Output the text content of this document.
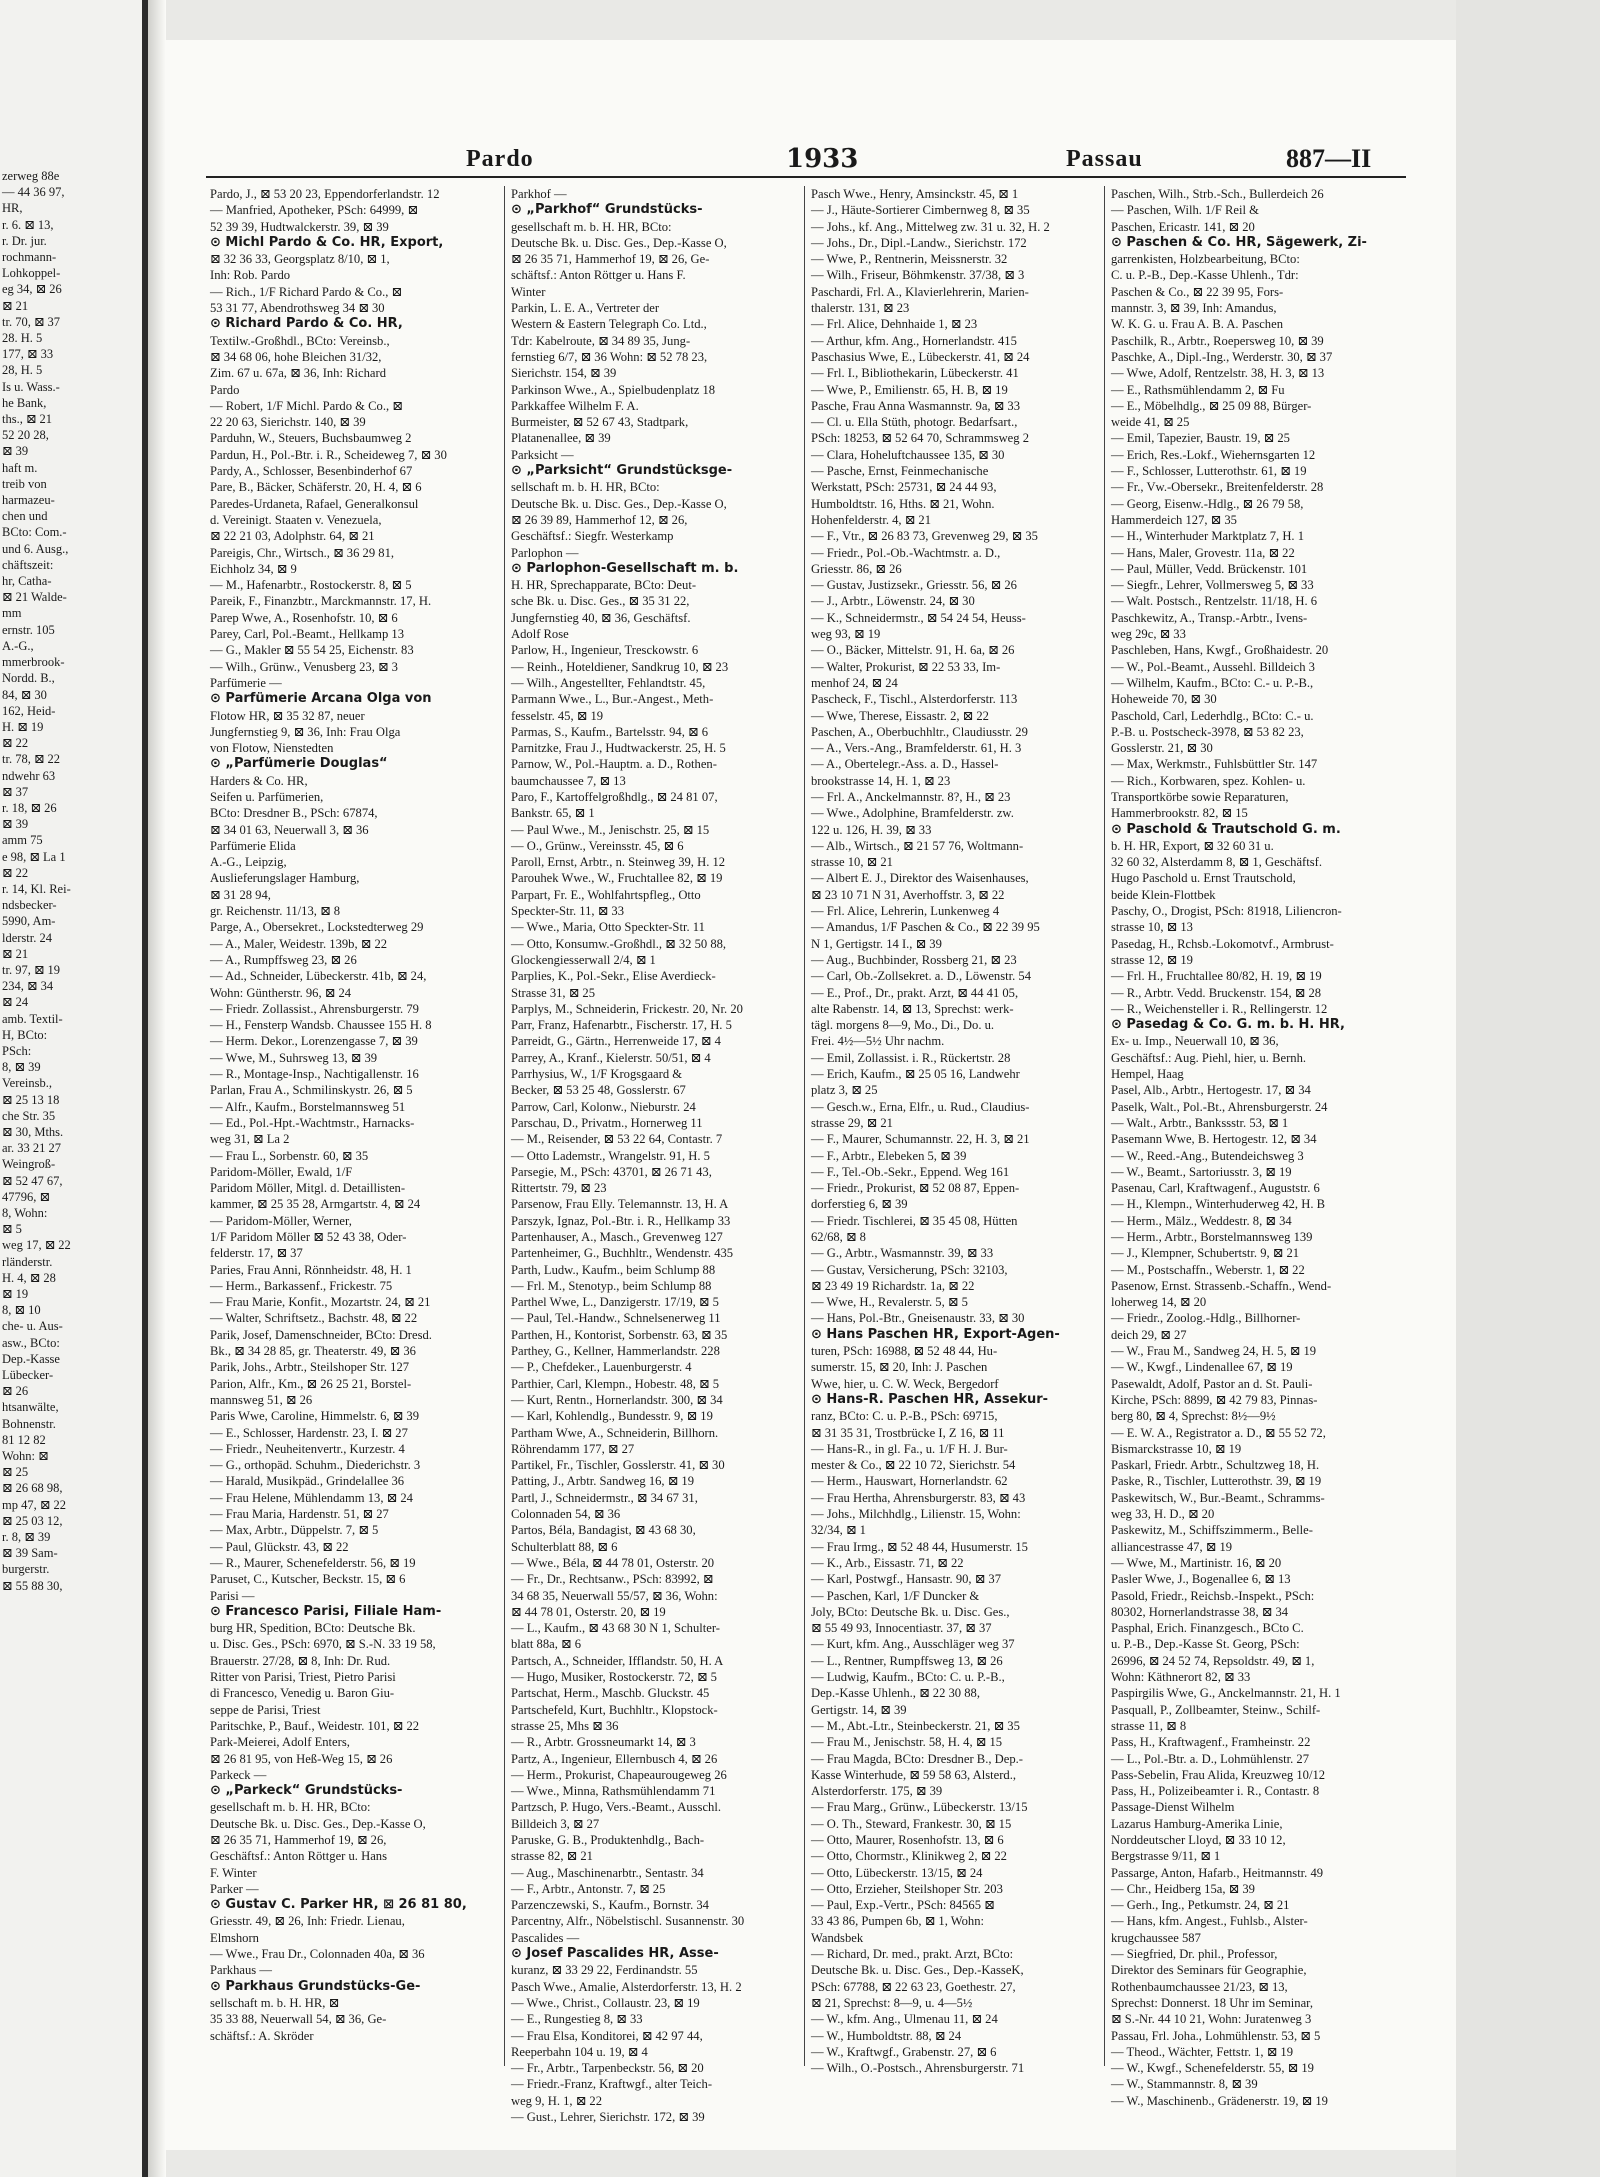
zerweg 88e
— 44 36 97,
HR,
r. 6. ⊠ 13,
r. Dr. jur.
rochmann-
Lohkoppel-
eg 34, ⊠ 26
⊠ 21
tr. 70, ⊠ 37
28. H. 5
177, ⊠ 33
28, H. 5
Is u. Wass.-
he Bank,
ths., ⊠ 21
52 20 28,
⊠ 39
haft m.
treib von
harmazeu-
chen und
BCto: Com.-
und 6. Ausg.,
chäftszeit:
hr, Catha-
⊠ 21 Walde-
mm
ernstr. 105
A.-G.,
mmerbrook-
Nordd. B.,
84, ⊠ 30
162, Heid-
H. ⊠ 19
⊠ 22
tr. 78, ⊠ 22
ndwehr 63
⊠ 37
r. 18, ⊠ 26
⊠ 39
amm 75
e 98, ⊠ La 1
⊠ 22
r. 14, Kl. Rei-
ndsbecker-
5990, Am-
lderstr. 24
⊠ 21
tr. 97, ⊠ 19
234, ⊠ 34
⊠ 24
amb. Textil-
H, BCto:
PSch:
8, ⊠ 39
Vereinsb.,
⊠ 25 13 18
che Str. 35
⊠ 30, Mths.
ar. 33 21 27
Weingroß-
⊠ 52 47 67,
47796, ⊠
8, Wohn:
⊠ 5
weg 17, ⊠ 22
rländerstr.
H. 4, ⊠ 28
⊠ 19
8, ⊠ 10
che- u. Aus-
asw., BCto:
Dep.-Kasse
Lübecker-
⊠ 26
htsanwälte,
Bohnenstr.
81 12 82
Wohn: ⊠
⊠ 25
⊠ 26 68 98,
mp 47, ⊠ 22
⊠ 25 03 12,
r. 8, ⊠ 39
⊠ 39 Sam-
burgerstr.
⊠ 55 88 30,
Pardo	1933	Passau	887—II
Pardo, J., ⊠ 53 20 23, Eppendorferlandstr. 12
— Manfried, Apotheker, PSch: 64999, ⊠
52 39 39, Hudtwalckerstr. 39, ⊠ 39
⊙ Michl Pardo & Co. HR, Export,
⊠ 32 36 33, Georgsplatz 8/10, ⊠ 1,
Inh: Rob. Pardo
— Rich., 1/F Richard Pardo & Co., ⊠
53 31 77, Abendrothsweg 34 ⊠ 30
⊙ Richard Pardo & Co. HR,
Textilw.-Großhdl., BCto: Vereinsb.,
⊠ 34 68 06, hohe Bleichen 31/32,
Zim. 67 u. 67a, ⊠ 36, Inh: Richard
Pardo
— Robert, 1/F Michl. Pardo & Co., ⊠
22 20 63, Sierichstr. 140, ⊠ 39
Parduhn, W., Steuers, Buchsbaumweg 2
Pardun, H., Pol.-Btr. i. R., Scheideweg 7, ⊠ 30
Pardy, A., Schlosser, Besenbinderhof 67
Pare, B., Bäcker, Schäferstr. 20, H. 4, ⊠ 6
Paredes-Urdaneta, Rafael, Generalkonsul
d. Vereinigt. Staaten v. Venezuela,
⊠ 22 21 03, Adolphstr. 64, ⊠ 21
Pareigis, Chr., Wirtsch., ⊠ 36 29 81,
Eichholz 34, ⊠ 9
— M., Hafenarbtr., Rostockerstr. 8, ⊠ 5
Pareik, F., Finanzbtr., Marckmannstr. 17, H.
Parep Wwe, A., Rosenhofstr. 10, ⊠ 6
Parey, Carl, Pol.-Beamt., Hellkamp 13
— G., Makler ⊠ 55 54 25, Eichenstr. 83
— Wilh., Grünw., Venusberg 23, ⊠ 3
Parfümerie —
⊙ Parfümerie Arcana Olga von
Flotow HR, ⊠ 35 32 87, neuer
Jungfernstieg 9, ⊠ 36, Inh: Frau Olga
von Flotow, Nienstedten
⊙ „Parfümerie Douglas“
Harders & Co. HR,
Seifen u. Parfümerien,
BCto: Dresdner B., PSch: 67874,
⊠ 34 01 63, Neuerwall 3, ⊠ 36
Parfümerie Elida
A.-G., Leipzig,
Auslieferungslager Hamburg,
⊠ 31 28 94,
gr. Reichenstr. 11/13, ⊠ 8
Parge, A., Obersekret., Lockstedterweg 29
— A., Maler, Weidestr. 139b, ⊠ 22
— A., Rumpffsweg 23, ⊠ 26
— Ad., Schneider, Lübeckerstr. 41b, ⊠ 24,
Wohn: Güntherstr. 96, ⊠ 24
— Friedr. Zollassist., Ahrensburgerstr. 79
— H., Fensterp Wandsb. Chaussee 155 H. 8
— Herm. Dekor., Lorenzengasse 7, ⊠ 39
— Wwe, M., Suhrsweg 13, ⊠ 39
— R., Montage-Insp., Nachtigallenstr. 16
Parlan, Frau A., Schmilinskystr. 26, ⊠ 5
— Alfr., Kaufm., Borstelmannsweg 51
— Ed., Pol.-Hpt.-Wachtmstr., Harnacks-
weg 31, ⊠ La 2
— Frau L., Sorbenstr. 60, ⊠ 35
Paridom-Möller, Ewald, 1/F
Paridom Möller, Mitgl. d. Detaillisten-
kammer, ⊠ 25 35 28, Armgartstr. 4, ⊠ 24
— Paridom-Möller, Werner,
1/F Paridom Möller ⊠ 52 43 38, Oder-
felderstr. 17, ⊠ 37
Paries, Frau Anni, Rönnheidstr. 48, H. 1
— Herm., Barkassenf., Frickestr. 75
— Frau Marie, Konfit., Mozartstr. 24, ⊠ 21
— Walter, Schriftsetz., Bachstr. 48, ⊠ 22
Parik, Josef, Damenschneider, BCto: Dresd.
Bk., ⊠ 34 28 85, gr. Theaterstr. 49, ⊠ 36
Parik, Johs., Arbtr., Steilshoper Str. 127
Parion, Alfr., Km., ⊠ 26 25 21, Borstel-
mannsweg 51, ⊠ 26
Paris Wwe, Caroline, Himmelstr. 6, ⊠ 39
— E., Schlosser, Hardenstr. 23, I. ⊠ 27
— Friedr., Neuheitenvertr., Kurzestr. 4
— G., orthopäd. Schuhm., Diederichstr. 3
— Harald, Musikpäd., Grindelallee 36
— Frau Helene, Mühlendamm 13, ⊠ 24
— Frau Maria, Hardenstr. 51, ⊠ 27
— Max, Arbtr., Düppelstr. 7, ⊠ 5
— Paul, Glückstr. 43, ⊠ 22
— R., Maurer, Schenefelderstr. 56, ⊠ 19
Paruset, C., Kutscher, Beckstr. 15, ⊠ 6
Parisi —
⊙ Francesco Parisi, Filiale Ham-
burg HR, Spedition, BCto: Deutsche Bk.
u. Disc. Ges., PSch: 6970, ⊠ S.-N. 33 19 58,
Brauerstr. 27/28, ⊠ 8, Inh: Dr. Rud.
Ritter von Parisi, Triest, Pietro Parisi
di Francesco, Venedig u. Baron Giu-
seppe de Parisi, Triest
Paritschke, P., Bauf., Weidestr. 101, ⊠ 22
Park-Meierei, Adolf Enters,
⊠ 26 81 95, von Heß-Weg 15, ⊠ 26
Parkeck —
⊙ „Parkeck“ Grundstücks-
gesellschaft m. b. H. HR, BCto:
Deutsche Bk. u. Disc. Ges., Dep.-Kasse O,
⊠ 26 35 71, Hammerhof 19, ⊠ 26,
Geschäftsf.: Anton Röttger u. Hans
F. Winter
Parker —
⊙ Gustav C. Parker HR, ⊠ 26 81 80,
Griesstr. 49, ⊠ 26, Inh: Friedr. Lienau,
Elmshorn
— Wwe., Frau Dr., Colonnaden 40a, ⊠ 36
Parkhaus —
⊙ Parkhaus Grundstücks-Ge-
sellschaft m. b. H. HR, ⊠
35 33 88, Neuerwall 54, ⊠ 36, Ge-
schäftsf.: A. Skröder
Parkhof —
⊙ „Parkhof“ Grundstücks-
gesellschaft m. b. H. HR, BCto:
Deutsche Bk. u. Disc. Ges., Dep.-Kasse O,
⊠ 26 35 71, Hammerhof 19, ⊠ 26, Ge-
schäftsf.: Anton Röttger u. Hans F.
Winter
Parkin, L. E. A., Vertreter der
Western & Eastern Telegraph Co. Ltd.,
Tdr: Kabelroute, ⊠ 34 89 35, Jung-
fernstieg 6/7, ⊠ 36 Wohn: ⊠ 52 78 23,
Sierichstr. 154, ⊠ 39
Parkinson Wwe., A., Spielbudenplatz 18
Parkkaffee Wilhelm F. A.
Burmeister, ⊠ 52 67 43, Stadtpark,
Platanenallee, ⊠ 39
Parksicht —
⊙ „Parksicht“ Grundstücksge-
sellschaft m. b. H. HR, BCto:
Deutsche Bk. u. Disc. Ges., Dep.-Kasse O,
⊠ 26 39 89, Hammerhof 12, ⊠ 26,
Geschäftsf.: Siegfr. Westerkamp
Parlophon —
⊙ Parlophon-Gesellschaft m. b.
H. HR, Sprechapparate, BCto: Deut-
sche Bk. u. Disc. Ges., ⊠ 35 31 22,
Jungfernstieg 40, ⊠ 36, Geschäftsf.
Adolf Rose
Parlow, H., Ingenieur, Tresckowstr. 6
— Reinh., Hoteldiener, Sandkrug 10, ⊠ 23
— Wilh., Angestellter, Fehlandtstr. 45,
Parmann Wwe., L., Bur.-Angest., Meth-
fesselstr. 45, ⊠ 19
Parmas, S., Kaufm., Bartelsstr. 94, ⊠ 6
Parnitzke, Frau J., Hudtwackerstr. 25, H. 5
Parnow, W., Pol.-Hauptm. a. D., Rothen-
baumchaussee 7, ⊠ 13
Paro, F., Kartoffelgroßhdlg., ⊠ 24 81 07,
Bankstr. 65, ⊠ 1
— Paul Wwe., M., Jenischstr. 25, ⊠ 15
— O., Grünw., Vereinsstr. 45, ⊠ 6
Paroll, Ernst, Arbtr., n. Steinweg 39, H. 12
Parouhek Wwe., W., Fruchtallee 82, ⊠ 19
Parpart, Fr. E., Wohlfahrtspfleg., Otto
Speckter-Str. 11, ⊠ 33
— Wwe., Maria, Otto Speckter-Str. 11
— Otto, Konsumw.-Großhdl., ⊠ 32 50 88,
Glockengiesserwall 2/4, ⊠ 1
Parplies, K., Pol.-Sekr., Elise Averdieck-
Strasse 31, ⊠ 25
Parplys, M., Schneiderin, Frickestr. 20, Nr. 20
Parr, Franz, Hafenarbtr., Fischerstr. 17, H. 5
Parreidt, G., Gärtn., Herrenweide 17, ⊠ 4
Parrey, A., Kranf., Kielerstr. 50/51, ⊠ 4
Parrhysius, W., 1/F Krogsgaard &
Becker, ⊠ 53 25 48, Gosslerstr. 67
Parrow, Carl, Kolonw., Nieburstr. 24
Parschau, D., Privatm., Hornerweg 11
— M., Reisender, ⊠ 53 22 64, Contastr. 7
— Otto Lademstr., Wrangelstr. 91, H. 5
Parsegie, M., PSch: 43701, ⊠ 26 71 43,
Rittertstr. 79, ⊠ 23
Parsenow, Frau Elly. Telemannstr. 13, H. A
Parszyk, Ignaz, Pol.-Btr. i. R., Hellkamp 33
Partenhauser, A., Masch., Grevenweg 127
Partenheimer, G., Buchhltr., Wendenstr. 435
Parth, Ludw., Kaufm., beim Schlump 88
— Frl. M., Stenotyp., beim Schlump 88
Parthel Wwe, L., Danzigerstr. 17/19, ⊠ 5
— Paul, Tel.-Handw., Schnelsenerweg 11
Parthen, H., Kontorist, Sorbenstr. 63, ⊠ 35
Parthey, G., Kellner, Hammerlandstr. 228
— P., Chefdeker., Lauenburgerstr. 4
Parthier, Carl, Klempn., Hobestr. 48, ⊠ 5
— Kurt, Rentn., Hornerlandstr. 300, ⊠ 34
— Karl, Kohlendlg., Bundesstr. 9, ⊠ 19
Partham Wwe, A., Schneiderin, Billhorn.
Röhrendamm 177, ⊠ 27
Partikel, Fr., Tischler, Gosslerstr. 41, ⊠ 30
Patting, J., Arbtr. Sandweg 16, ⊠ 19
Partl, J., Schneidermstr., ⊠ 34 67 31,
Colonnaden 54, ⊠ 36
Partos, Béla, Bandagist, ⊠ 43 68 30,
Schulterblatt 88, ⊠ 6
— Wwe., Béla, ⊠ 44 78 01, Osterstr. 20
— Fr., Dr., Rechtsanw., PSch: 83992, ⊠
34 68 35, Neuerwall 55/57, ⊠ 36, Wohn:
⊠ 44 78 01, Osterstr. 20, ⊠ 19
— L., Kaufm., ⊠ 43 68 30 N 1, Schulter-
blatt 88a, ⊠ 6
Partsch, A., Schneider, Ifflandstr. 50, H. A
— Hugo, Musiker, Rostockerstr. 72, ⊠ 5
Partschat, Herm., Maschb. Gluckstr. 45
Partschefeld, Kurt, Buchhltr., Klopstock-
strasse 25, Mhs ⊠ 36
— R., Arbtr. Grossneumarkt 14, ⊠ 3
Partz, A., Ingenieur, Ellernbusch 4, ⊠ 26
— Herm., Prokurist, Chapeaurougeweg 26
— Wwe., Minna, Rathsmühlendamm 71
Partzsch, P. Hugo, Vers.-Beamt., Ausschl.
Billdeich 3, ⊠ 27
Paruske, G. B., Produktenhdlg., Bach-
strasse 82, ⊠ 21
— Aug., Maschinenarbtr., Sentastr. 34
— F., Arbtr., Antonstr. 7, ⊠ 25
Parzenczewski, S., Kaufm., Bornstr. 34
Parcentny, Alfr., Nöbelstischl. Susannenstr. 30
Pascalides —
⊙ Josef Pascalides HR, Asse-
kuranz, ⊠ 33 29 22, Ferdinandstr. 55
Pasch Wwe., Amalie, Alsterdorferstr. 13, H. 2
— Wwe., Christ., Collaustr. 23, ⊠ 19
— E., Rungestieg 8, ⊠ 33
— Frau Elsa, Konditorei, ⊠ 42 97 44,
Reeperbahn 104 u. 19, ⊠ 4
— Fr., Arbtr., Tarpenbeckstr. 56, ⊠ 20
— Friedr.-Franz, Kraftwgf., alter Teich-
weg 9, H. 1, ⊠ 22
— Gust., Lehrer, Sierichstr. 172, ⊠ 39
Pasch Wwe., Henry, Amsinckstr. 45, ⊠ 1
— J., Häute-Sortierer Cimbernweg 8, ⊠ 35
— Johs., kf. Ang., Mittelweg zw. 31 u. 32, H. 2
— Johs., Dr., Dipl.-Landw., Sierichstr. 172
— Wwe, P., Rentnerin, Meissnerstr. 32
— Wilh., Friseur, Böhmkenstr. 37/38, ⊠ 3
Paschardi, Frl. A., Klavierlehrerin, Marien-
thalerstr. 131, ⊠ 23
— Frl. Alice, Dehnhaide 1, ⊠ 23
— Arthur, kfm. Ang., Hornerlandstr. 415
Paschasius Wwe, E., Lübeckerstr. 41, ⊠ 24
— Frl. I., Bibliothekarin, Lübeckerstr. 41
— Wwe, P., Emilienstr. 65, H. B, ⊠ 19
Pasche, Frau Anna Wasmannstr. 9a, ⊠ 33
— Cl. u. Ella Stüth, photogr. Bedarfsart.,
PSch: 18253, ⊠ 52 64 70, Schrammsweg 2
— Clara, Hoheluftchaussee 135, ⊠ 30
— Pasche, Ernst, Feinmechanische
Werkstatt, PSch: 25731, ⊠ 24 44 93,
Humboldtstr. 16, Hths. ⊠ 21, Wohn.
Hohenfelderstr. 4, ⊠ 21
— F., Vtr., ⊠ 26 83 73, Grevenweg 29, ⊠ 35
— Friedr., Pol.-Ob.-Wachtmstr. a. D.,
Griesstr. 86, ⊠ 26
— Gustav, Justizsekr., Griesstr. 56, ⊠ 26
— J., Arbtr., Löwenstr. 24, ⊠ 30
— K., Schneidermstr., ⊠ 54 24 54, Heuss-
weg 93, ⊠ 19
— O., Bäcker, Mittelstr. 91, H. 6a, ⊠ 26
— Walter, Prokurist, ⊠ 22 53 33, Im-
menhof 24, ⊠ 24
Pascheck, F., Tischl., Alsterdorferstr. 113
— Wwe, Therese, Eissastr. 2, ⊠ 22
Paschen, A., Oberbuchhltr., Claudiusstr. 29
— A., Vers.-Ang., Bramfelderstr. 61, H. 3
— A., Obertelegr.-Ass. a. D., Hassel-
brookstrasse 14, H. 1, ⊠ 23
— Frl. A., Anckelmannstr. 8?, H., ⊠ 23
— Wwe., Adolphine, Bramfelderstr. zw.
122 u. 126, H. 39, ⊠ 33
— Alb., Wirtsch., ⊠ 21 57 76, Woltmann-
strasse 10, ⊠ 21
— Albert E. J., Direktor des Waisenhauses,
⊠ 23 10 71 N 31, Averhoffstr. 3, ⊠ 22
— Frl. Alice, Lehrerin, Lunkenweg 4
— Amandus, 1/F Paschen & Co., ⊠ 22 39 95
N 1, Gertigstr. 14 I., ⊠ 39
— Aug., Buchbinder, Rossberg 21, ⊠ 23
— Carl, Ob.-Zollsekret. a. D., Löwenstr. 54
— E., Prof., Dr., prakt. Arzt, ⊠ 44 41 05,
alte Rabenstr. 14, ⊠ 13, Sprechst: werk-
tägl. morgens 8—9, Mo., Di., Do. u.
Frei. 4½—5½ Uhr nachm.
— Emil, Zollassist. i. R., Rückertstr. 28
— Erich, Kaufm., ⊠ 25 05 16, Landwehr
platz 3, ⊠ 25
— Gesch.w., Erna, Elfr., u. Rud., Claudius-
strasse 29, ⊠ 21
— F., Maurer, Schumannstr. 22, H. 3, ⊠ 21
— F., Arbtr., Elebeken 5, ⊠ 39
— F., Tel.-Ob.-Sekr., Eppend. Weg 161
— Friedr., Prokurist, ⊠ 52 08 87, Eppen-
dorferstieg 6, ⊠ 39
— Friedr. Tischlerei, ⊠ 35 45 08, Hütten
62/68, ⊠ 8
— G., Arbtr., Wasmannstr. 39, ⊠ 33
— Gustav, Versicherung, PSch: 32103,
⊠ 23 49 19 Richardstr. 1a, ⊠ 22
— Wwe, H., Revalerstr. 5, ⊠ 5
— Hans, Pol.-Btr., Gneisenaustr. 33, ⊠ 30
⊙ Hans Paschen HR, Export-Agen-
turen, PSch: 16988, ⊠ 52 48 44, Hu-
sumerstr. 15, ⊠ 20, Inh: J. Paschen
Wwe, hier, u. C. W. Weck, Bergedorf
⊙ Hans-R. Paschen HR, Assekur-
ranz, BCto: C. u. P.-B., PSch: 69715,
⊠ 31 35 31, Trostbrücke I, Z 16, ⊠ 11
— Hans-R., in gl. Fa., u. 1/F H. J. Bur-
mester & Co., ⊠ 22 10 72, Sierichstr. 54
— Herm., Hauswart, Hornerlandstr. 62
— Frau Hertha, Ahrensburgerstr. 83, ⊠ 43
— Johs., Milchhdlg., Lilienstr. 15, Wohn:
32/34, ⊠ 1
— Frau Irmg., ⊠ 52 48 44, Husumerstr. 15
— K., Arb., Eissastr. 71, ⊠ 22
— Karl, Postwgf., Hansastr. 90, ⊠ 37
— Paschen, Karl, 1/F Duncker &
Joly, BCto: Deutsche Bk. u. Disc. Ges.,
⊠ 55 49 93, Innocentiastr. 37, ⊠ 37
— Kurt, kfm. Ang., Ausschläger weg 37
— L., Rentner, Rumpffsweg 13, ⊠ 26
— Ludwig, Kaufm., BCto: C. u. P.-B.,
Dep.-Kasse Uhlenh., ⊠ 22 30 88,
Gertigstr. 14, ⊠ 39
— M., Abt.-Ltr., Steinbeckerstr. 21, ⊠ 35
— Frau M., Jenischstr. 58, H. 4, ⊠ 15
— Frau Magda, BCto: Dresdner B., Dep.-
Kasse Winterhude, ⊠ 59 58 63, Alsterd.,
Alsterdorferstr. 175, ⊠ 39
— Frau Marg., Grünw., Lübeckerstr. 13/15
— O. Th., Steward, Frankestr. 30, ⊠ 15
— Otto, Maurer, Rosenhofstr. 13, ⊠ 6
— Otto, Chormstr., Klinikweg 2, ⊠ 22
— Otto, Lübeckerstr. 13/15, ⊠ 24
— Otto, Erzieher, Steilshoper Str. 203
— Paul, Exp.-Vertr., PSch: 84565 ⊠
33 43 86, Pumpen 6b, ⊠ 1, Wohn:
Wandsbek
— Richard, Dr. med., prakt. Arzt, BCto:
Deutsche Bk. u. Disc. Ges., Dep.-KasseK,
PSch: 67788, ⊠ 22 63 23, Goethestr. 27,
⊠ 21, Sprechst: 8—9, u. 4—5½
— W., kfm. Ang., Ulmenau 11, ⊠ 24
— W., Humboldtstr. 88, ⊠ 24
— W., Kraftwgf., Grabenstr. 27, ⊠ 6
— Wilh., O.-Postsch., Ahrensburgerstr. 71
Paschen, Wilh., Strb.-Sch., Bullerdeich 26
— Paschen, Wilh. 1/F Reil &
Paschen, Ericastr. 141, ⊠ 20
⊙ Paschen & Co. HR, Sägewerk, Zi-
garrenkisten, Holzbearbeitung, BCto:
C. u. P.-B., Dep.-Kasse Uhlenh., Tdr:
Paschen & Co., ⊠ 22 39 95, Fors-
mannstr. 3, ⊠ 39, Inh: Amandus,
W. K. G. u. Frau A. B. A. Paschen
Paschilk, R., Arbtr., Roepersweg 10, ⊠ 39
Paschke, A., Dipl.-Ing., Werderstr. 30, ⊠ 37
— Wwe, Adolf, Rentzelstr. 38, H. 3, ⊠ 13
— E., Rathsmühlendamm 2, ⊠ Fu
— E., Möbelhdlg., ⊠ 25 09 88, Bürger-
weide 41, ⊠ 25
— Emil, Tapezier, Baustr. 19, ⊠ 25
— Erich, Res.-Lokf., Wiehernsgarten 12
— F., Schlosser, Lutterothstr. 61, ⊠ 19
— Fr., Vw.-Obersekr., Breitenfelderstr. 28
— Georg, Eisenw.-Hdlg., ⊠ 26 79 58,
Hammerdeich 127, ⊠ 35
— H., Winterhuder Marktplatz 7, H. 1
— Hans, Maler, Grovestr. 11a, ⊠ 22
— Paul, Müller, Vedd. Brückenstr. 101
— Siegfr., Lehrer, Vollmersweg 5, ⊠ 33
— Walt. Postsch., Rentzelstr. 11/18, H. 6
Paschkewitz, A., Transp.-Arbtr., Ivens-
weg 29c, ⊠ 33
Paschleben, Hans, Kwgf., Großhaidestr. 20
— W., Pol.-Beamt., Aussehl. Billdeich 3
— Wilhelm, Kaufm., BCto: C.- u. P.-B.,
Hoheweide 70, ⊠ 30
Paschold, Carl, Lederhdlg., BCto: C.- u.
P.-B. u. Postscheck-3978, ⊠ 53 82 23,
Gosslerstr. 21, ⊠ 30
— Max, Werkmstr., Fuhlsbüttler Str. 147
— Rich., Korbwaren, spez. Kohlen- u.
Transportkörbe sowie Reparaturen,
Hammerbrookstr. 82, ⊠ 15
⊙ Paschold & Trautschold G. m.
b. H. HR, Export, ⊠ 32 60 31 u.
32 60 32, Alsterdamm 8, ⊠ 1, Geschäftsf.
Hugo Paschold u. Ernst Trautschold,
beide Klein-Flottbek
Paschy, O., Drogist, PSch: 81918, Liliencron-
strasse 10, ⊠ 13
Pasedag, H., Rchsb.-Lokomotvf., Armbrust-
strasse 12, ⊠ 19
— Frl. H., Fruchtallee 80/82, H. 19, ⊠ 19
— R., Arbtr. Vedd. Bruckenstr. 154, ⊠ 28
— R., Weichensteller i. R., Rellingerstr. 12
⊙ Pasedag & Co. G. m. b. H. HR,
Ex- u. Imp., Neuerwall 10, ⊠ 36,
Geschäftsf.: Aug. Piehl, hier, u. Bernh.
Hempel, Haag
Pasel, Alb., Arbtr., Hertogestr. 17, ⊠ 34
Paselk, Walt., Pol.-Bt., Ahrensburgerstr. 24
— Walt., Arbtr., Bankssstr. 53, ⊠ 1
Pasemann Wwe, B. Hertogestr. 12, ⊠ 34
— W., Reed.-Ang., Butendeichsweg 3
— W., Beamt., Sartoriusstr. 3, ⊠ 19
Pasenau, Carl, Kraftwagenf., Auguststr. 6
— H., Klempn., Winterhuderweg 42, H. B
— Herm., Mälz., Weddestr. 8, ⊠ 34
— Herm., Arbtr., Borstelmannsweg 139
— J., Klempner, Schubertstr. 9, ⊠ 21
— M., Postschaffn., Weberstr. 1, ⊠ 22
Pasenow, Ernst. Strassenb.-Schaffn., Wend-
loherweg 14, ⊠ 20
— Friedr., Zoolog.-Hdlg., Billhorner-
deich 29, ⊠ 27
— W., Frau M., Sandweg 24, H. 5, ⊠ 19
— W., Kwgf., Lindenallee 67, ⊠ 19
Pasewaldt, Adolf, Pastor an d. St. Pauli-
Kirche, PSch: 8899, ⊠ 42 79 83, Pinnas-
berg 80, ⊠ 4, Sprechst: 8½—9½
— E. W. A., Registrator a. D., ⊠ 55 52 72,
Bismarckstrasse 10, ⊠ 19
Paskarl, Friedr. Arbtr., Schultzweg 18, H.
Paske, R., Tischler, Lutterothstr. 39, ⊠ 19
Paskewitsch, W., Bur.-Beamt., Schramms-
weg 33, H. D., ⊠ 20
Paskewitz, M., Schiffszimmerm., Belle-
alliancestrasse 47, ⊠ 19
— Wwe, M., Martinistr. 16, ⊠ 20
Pasler Wwe, J., Bogenallee 6, ⊠ 13
Pasold, Friedr., Reichsb.-Inspekt., PSch:
80302, Hornerlandstrasse 38, ⊠ 34
Pasphal, Erich. Finanzgesch., BCto C.
u. P.-B., Dep.-Kasse St. Georg, PSch:
26996, ⊠ 24 52 74, Repsoldstr. 49, ⊠ 1,
Wohn: Käthnerort 82, ⊠ 33
Paspirgilis Wwe, G., Anckelmannstr. 21, H. 1
Pasquall, P., Zollbeamter, Steinw., Schilf-
strasse 11, ⊠ 8
Pass, H., Kraftwagenf., Framheinstr. 22
— L., Pol.-Btr. a. D., Lohmühlenstr. 27
Pass-Sebelin, Frau Alida, Kreuzweg 10/12
Pass, H., Polizeibeamter i. R., Contastr. 8
Passage-Dienst Wilhelm
Lazarus Hamburg-Amerika Linie,
Norddeutscher Lloyd, ⊠ 33 10 12,
Bergstrasse 9/11, ⊠ 1
Passarge, Anton, Hafarb., Heitmannstr. 49
— Chr., Heidberg 15a, ⊠ 39
— Gerh., Ing., Petkumstr. 24, ⊠ 21
— Hans, kfm. Angest., Fuhlsb., Alster-
krugchaussee 587
— Siegfried, Dr. phil., Professor,
Direktor des Seminars für Geographie,
Rothenbaumchaussee 21/23, ⊠ 13,
Sprechst: Donnerst. 18 Uhr im Seminar,
⊠ S.-Nr. 44 10 21, Wohn: Juratenweg 3
Passau, Frl. Joha., Lohmühlenstr. 53, ⊠ 5
— Theod., Wächter, Fettstr. 1, ⊠ 19
— W., Kwgf., Schenefelderstr. 55, ⊠ 19
— W., Stammannstr. 8, ⊠ 39
— W., Maschinenb., Grädenerstr. 19, ⊠ 19
